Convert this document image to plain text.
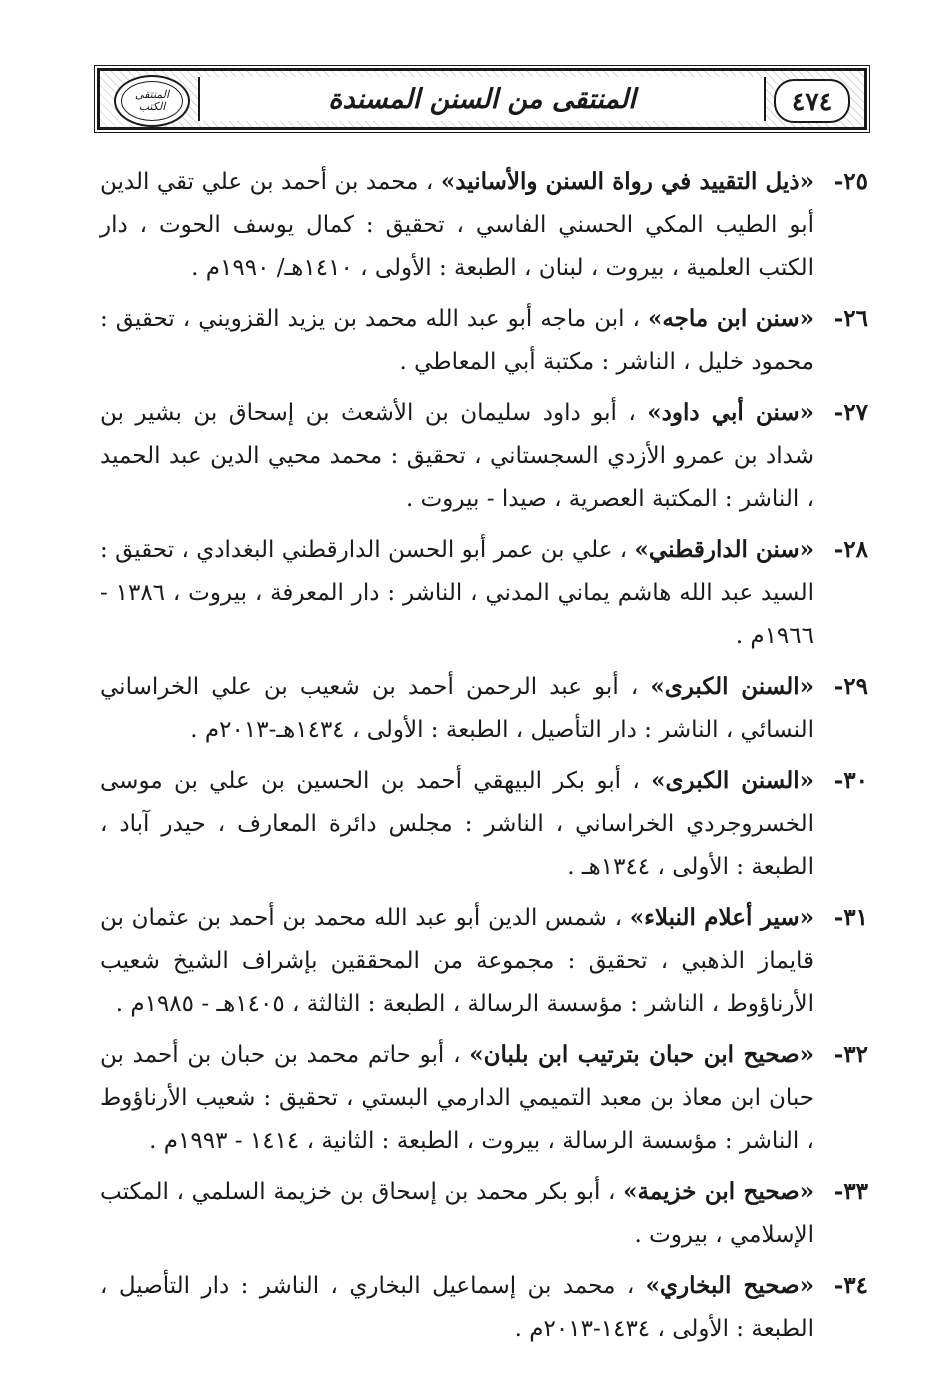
٤٧٤
المنتقى من السنن المسندة
المنتقى الكتب
٢٥-
«ذيل التقييد في رواة السنن والأسانيد» ، محمد بن أحمد بن علي تقي الدين أبو الطيب المكي الحسني الفاسي ، تحقيق : كمال يوسف الحوت ، دار الكتب العلمية ، بيروت ، لبنان ، الطبعة : الأولى ، ١٤١٠هـ/ ١٩٩٠م .
٢٦-
«سنن ابن ماجه» ، ابن ماجه أبو عبد الله محمد بن يزيد القزويني ، تحقيق : محمود خليل ، الناشر : مكتبة أبي المعاطي .
٢٧-
«سنن أبي داود» ، أبو داود سليمان بن الأشعث بن إسحاق بن بشير بن شداد بن عمرو الأزدي السجستاني ، تحقيق : محمد محيي الدين عبد الحميد ، الناشر : المكتبة العصرية ، صيدا - بيروت .
٢٨-
«سنن الدارقطني» ، علي بن عمر أبو الحسن الدارقطني البغدادي ، تحقيق : السيد عبد الله هاشم يماني المدني ، الناشر : دار المعرفة ، بيروت ، ١٣٨٦ - ١٩٦٦م .
٢٩-
«السنن الكبرى» ، أبو عبد الرحمن أحمد بن شعيب بن علي الخراساني النسائي ، الناشر : دار التأصيل ، الطبعة : الأولى ، ١٤٣٤هـ-٢٠١٣م .
٣٠-
«السنن الكبرى» ، أبو بكر البيهقي أحمد بن الحسين بن علي بن موسى الخسروجردي الخراساني ، الناشر : مجلس دائرة المعارف ، حيدر آباد ، الطبعة : الأولى ، ١٣٤٤هـ .
٣١-
«سير أعلام النبلاء» ، شمس الدين أبو عبد الله محمد بن أحمد بن عثمان بن قايماز الذهبي ، تحقيق : مجموعة من المحققين بإشراف الشيخ شعيب الأرناؤوط ، الناشر : مؤسسة الرسالة ، الطبعة : الثالثة ، ١٤٠٥هـ - ١٩٨٥م .
٣٢-
«صحيح ابن حبان بترتيب ابن بلبان» ، أبو حاتم محمد بن حبان بن أحمد بن حبان ابن معاذ بن معبد التميمي الدارمي البستي ، تحقيق : شعيب الأرناؤوط ، الناشر : مؤسسة الرسالة ، بيروت ، الطبعة : الثانية ، ١٤١٤ - ١٩٩٣م .
٣٣-
«صحيح ابن خزيمة» ، أبو بكر محمد بن إسحاق بن خزيمة السلمي ، المكتب الإسلامي ، بيروت .
٣٤-
«صحيح البخاري» ، محمد بن إسماعيل البخاري ، الناشر : دار التأصيل ، الطبعة : الأولى ، ١٤٣٤-٢٠١٣م .
